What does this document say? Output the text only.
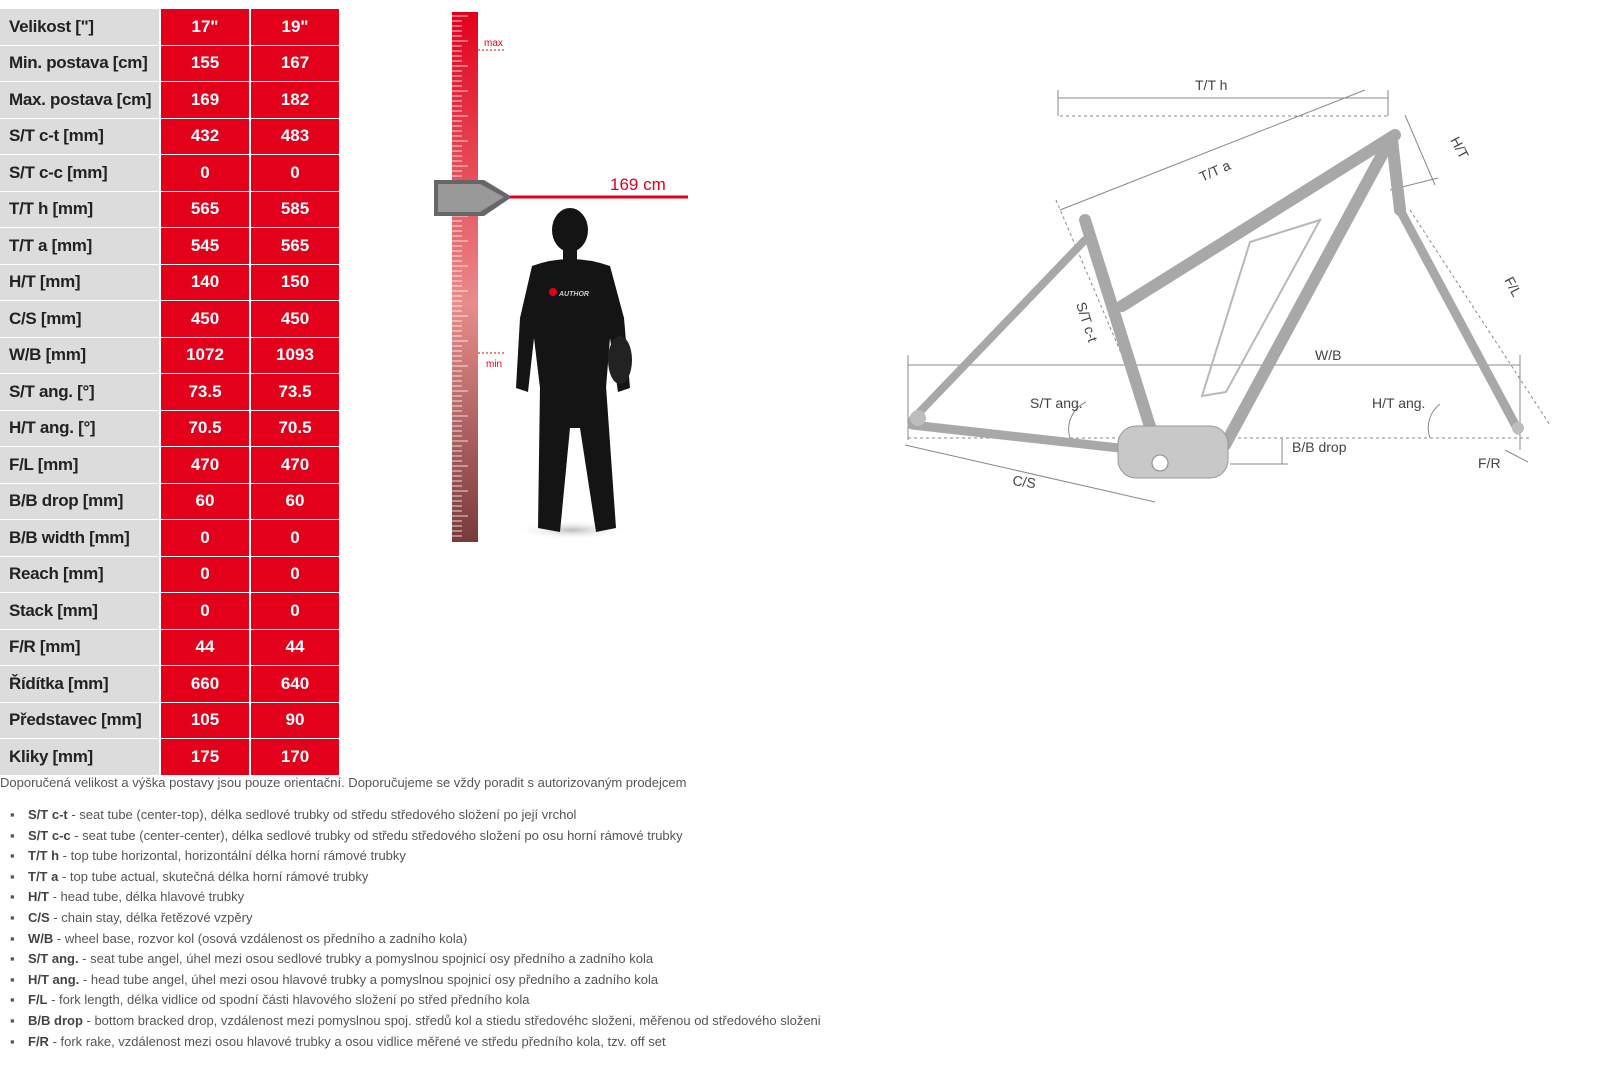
Velikost ["]	17"	19"
Min. postava [cm]	155	167
Max. postava [cm]	169	182
S/T c-t [mm]	432	483
S/T c-c [mm]	0	0
T/T h [mm]	565	585
T/T a [mm]	545	565
H/T [mm]	140	150
C/S [mm]	450	450
W/B [mm]	1072	1093
S/T ang. [°]	73.5	73.5
H/T ang. [°]	70.5	70.5
F/L [mm]	470	470
B/B drop [mm]	60	60
B/B width [mm]	0	0
Reach [mm]	0	0
Stack [mm]	0	0
F/R [mm]	44	44
Řídítka [mm]	660	640
Představec [mm]	105	90
Kliky [mm]	175	170
max
min
169 cm
AUTHOR
T/T h
H/T
T/T a
S/T c-t
F/L
W/B
S/T ang.	H/T ang.
B/B drop
C/S
F/R
Doporučená velikost a výška postavy jsou pouze orientační. Doporučujeme se vždy poradit s autorizovaným prodejcem
▪ S/T c-t - seat tube (center-top), délka sedlové trubky od středu středového složení po její vrchol
▪ S/T c-c - seat tube (center-center), délka sedlové trubky od středu středového složení po osu horní rámové trubky
▪ T/T h - top tube horizontal, horizontální délka horní rámové trubky
▪ T/T a - top tube actual, skutečná délka horní rámové trubky
▪ H/T - head tube, délka hlavové trubky
▪ C/S - chain stay, délka řetězové vzpěry
▪ W/B - wheel base, rozvor kol (osová vzdálenost os předního a zadního kola)
▪ S/T ang. - seat tube angel, úhel mezi osou sedlové trubky a pomyslnou spojnicí osy předního a zadního kola
▪ H/T ang. - head tube angel, úhel mezi osou hlavové trubky a pomyslnou spojnicí osy předního a zadního kola
▪ F/L - fork length, délka vidlice od spodní části hlavového složení po střed předního kola
▪ B/B drop - bottom bracked drop, vzdálenost mezi pomyslnou spoj. středů kol a stiedu středovéhc složeni, měřenou od středového složeni
▪ F/R - fork rake, vzdálenost mezi osou hlavové trubky a osou vidlice měřené ve středu předního kola, tzv. off set
